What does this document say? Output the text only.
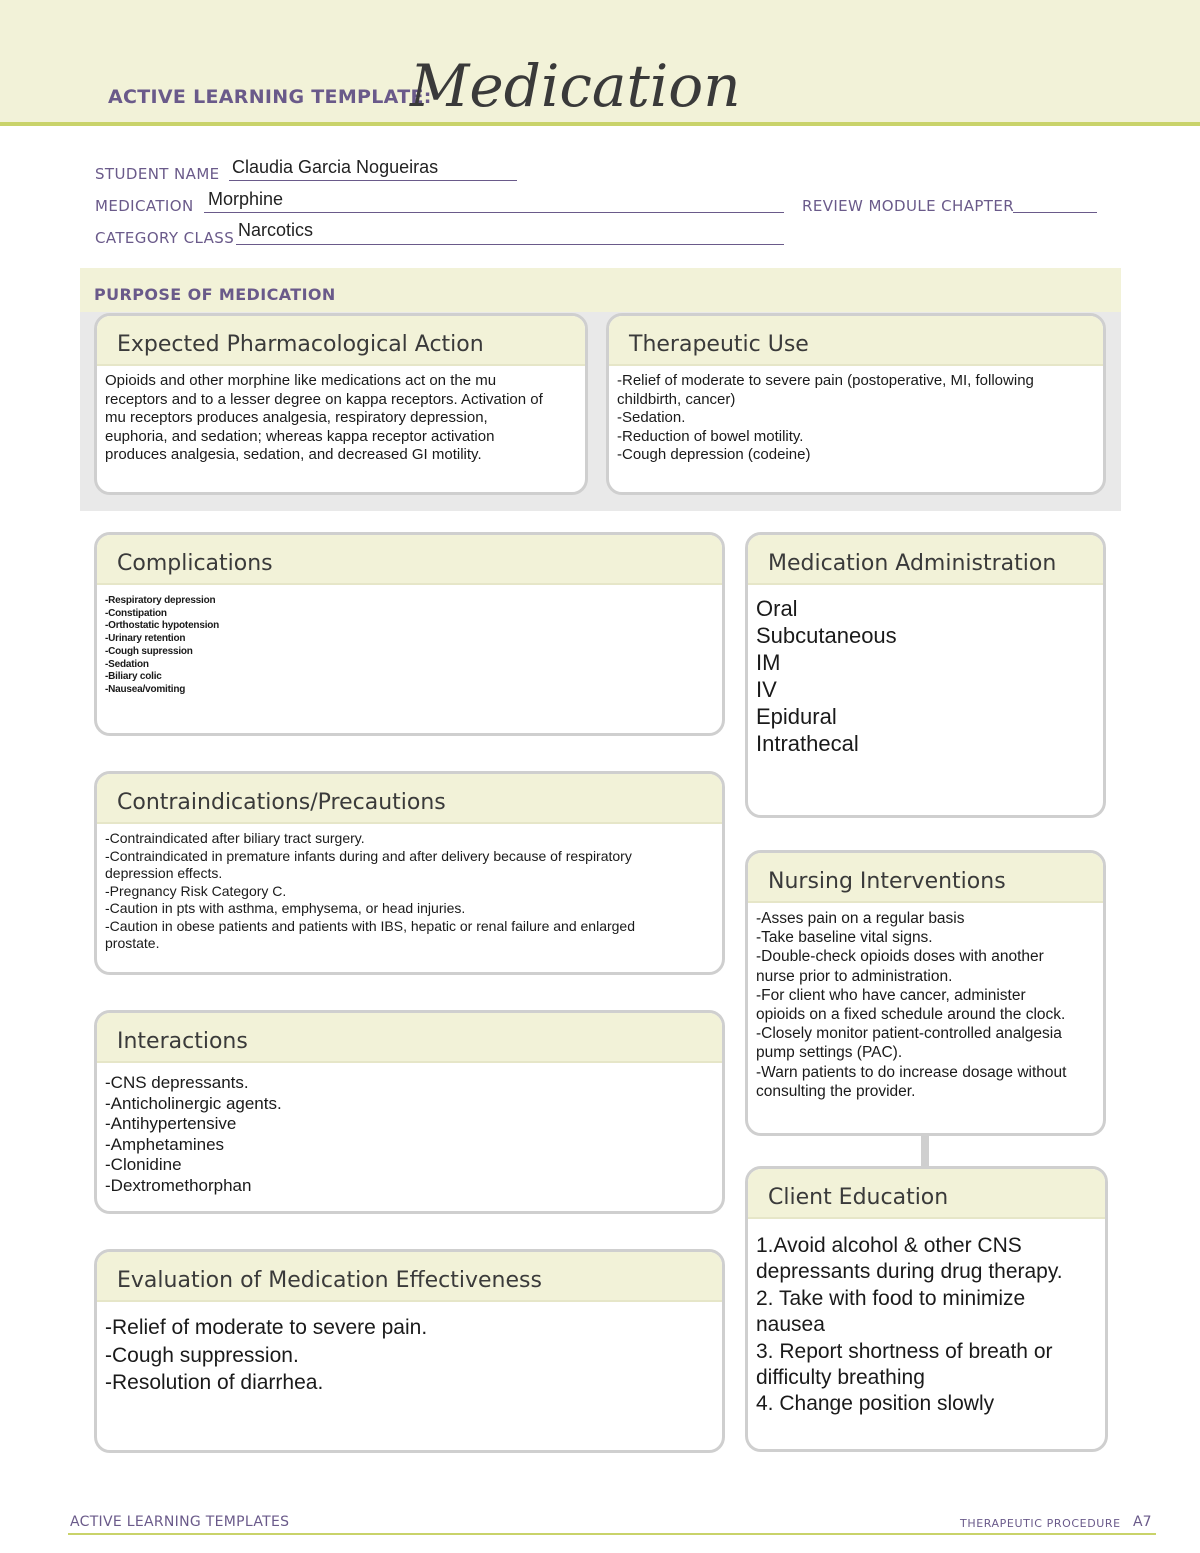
ACTIVE LEARNING TEMPLATE:
Medication
STUDENT NAME Claudia Garcia Nogueiras
MEDICATION Morphine	REVIEW MODULE CHAPTER
CATEGORY CLASS Narcotics
PURPOSE OF MEDICATION
Expected Pharmacological Action
Opioids and other morphine like medications act on the mu
receptors and to a lesser degree on kappa receptors. Activation of
mu receptors produces analgesia, respiratory depression,
euphoria, and sedation; whereas kappa receptor activation
produces analgesia, sedation, and decreased GI motility.
Therapeutic Use
-Relief of moderate to severe pain (postoperative, MI, following
childbirth, cancer)
-Sedation.
-Reduction of bowel motility.
-Cough depression (codeine)
Complications
-Respiratory depression
-Constipation
-Orthostatic hypotension
-Urinary retention
-Cough supression
-Sedation
-Biliary colic
-Nausea/vomiting
Medication Administration
Oral
Subcutaneous
IM
IV
Epidural
Intrathecal
Contraindications/Precautions
-Contraindicated after biliary tract surgery.
-Contraindicated in premature infants during and after delivery because of respiratory
depression effects.
-Pregnancy Risk Category C.
-Caution in pts with asthma, emphysema, or head injuries.
-Caution in obese patients and patients with IBS, hepatic or renal failure and enlarged
prostate.
Nursing Interventions
-Asses pain on a regular basis
-Take baseline vital signs.
-Double-check opioids doses with another
nurse prior to administration.
-For client who have cancer, administer
opioids on a fixed schedule around the clock.
-Closely monitor patient-controlled analgesia
pump settings (PAC).
-Warn patients to do increase dosage without
consulting the provider.
Interactions
-CNS depressants.
-Anticholinergic agents.
-Antihypertensive
-Amphetamines
-Clonidine
-Dextromethorphan	Client Education
1.Avoid alcohol & other CNS
depressants during drug therapy.
2. Take with food to minimize
nausea
3. Report shortness of breath or
difficulty breathing
4. Change position slowly
Evaluation of Medication Effectiveness
-Relief of moderate to severe pain.
-Cough suppression.
-Resolution of diarrhea.
ACTIVE LEARNING TEMPLATES	THERAPEUTIC PROCEDURE A7
